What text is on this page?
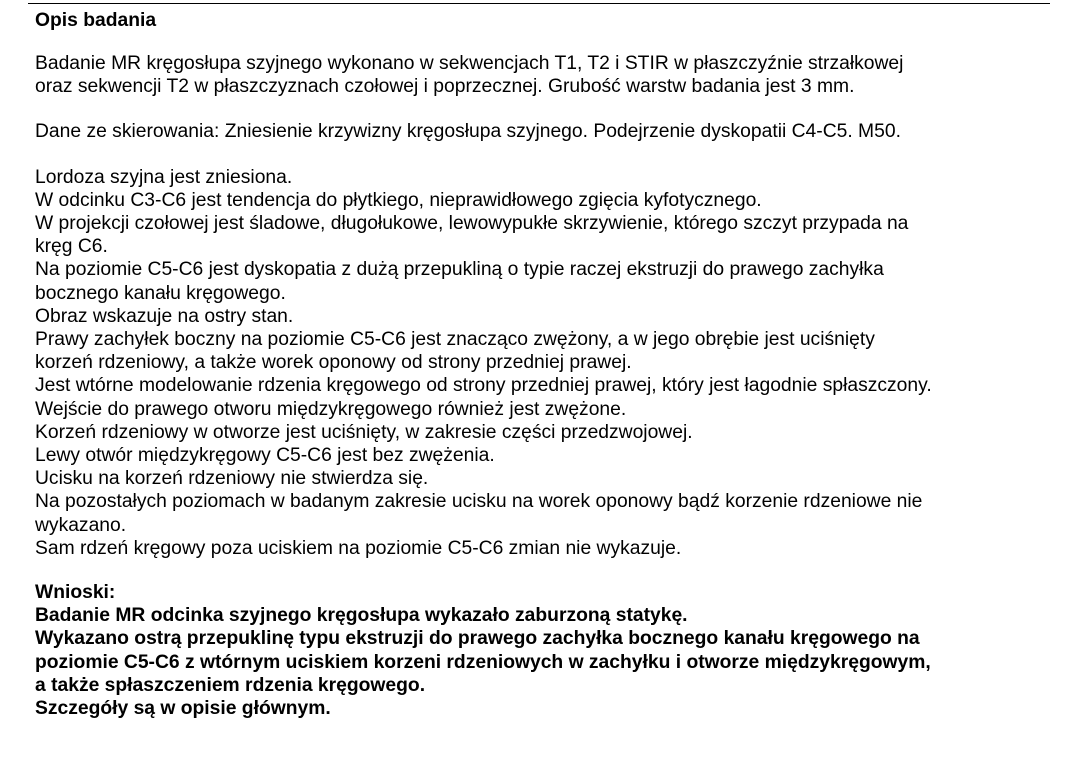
Opis badania
Badanie MR kręgosłupa szyjnego wykonano w sekwencjach T1, T2 i STIR w płaszczyźnie strzałkowej
oraz sekwencji T2 w płaszczyznach czołowej i poprzecznej. Grubość warstw badania jest 3 mm.
Dane ze skierowania: Zniesienie krzywizny kręgosłupa szyjnego. Podejrzenie dyskopatii C4-C5. M50.
Lordoza szyjna jest zniesiona.
W odcinku C3-C6 jest tendencja do płytkiego, nieprawidłowego zgięcia kyfotycznego.
W projekcji czołowej jest śladowe, długołukowe, lewowypukłe skrzywienie, którego szczyt przypada na
kręg C6.
Na poziomie C5-C6 jest dyskopatia z dużą przepukliną o typie raczej ekstruzji do prawego zachyłka
bocznego kanału kręgowego.
Obraz wskazuje na ostry stan.
Prawy zachyłek boczny na poziomie C5-C6 jest znacząco zwężony, a w jego obrębie jest uciśnięty
korzeń rdzeniowy, a także worek oponowy od strony przedniej prawej.
Jest wtórne modelowanie rdzenia kręgowego od strony przedniej prawej, który jest łagodnie spłaszczony.
Wejście do prawego otworu międzykręgowego również jest zwężone.
Korzeń rdzeniowy w otworze jest uciśnięty, w zakresie części przedzwojowej.
Lewy otwór międzykręgowy C5-C6 jest bez zwężenia.
Ucisku na korzeń rdzeniowy nie stwierdza się.
Na pozostałych poziomach w badanym zakresie ucisku na worek oponowy bądź korzenie rdzeniowe nie
wykazano.
Sam rdzeń kręgowy poza uciskiem na poziomie C5-C6 zmian nie wykazuje.
Wnioski:
Badanie MR odcinka szyjnego kręgosłupa wykazało zaburzoną statykę.
Wykazano ostrą przepuklinę typu ekstruzji do prawego zachyłka bocznego kanału kręgowego na
poziomie C5-C6 z wtórnym uciskiem korzeni rdzeniowych w zachyłku i otworze międzykręgowym,
a także spłaszczeniem rdzenia kręgowego.
Szczegóły są w opisie głównym.
